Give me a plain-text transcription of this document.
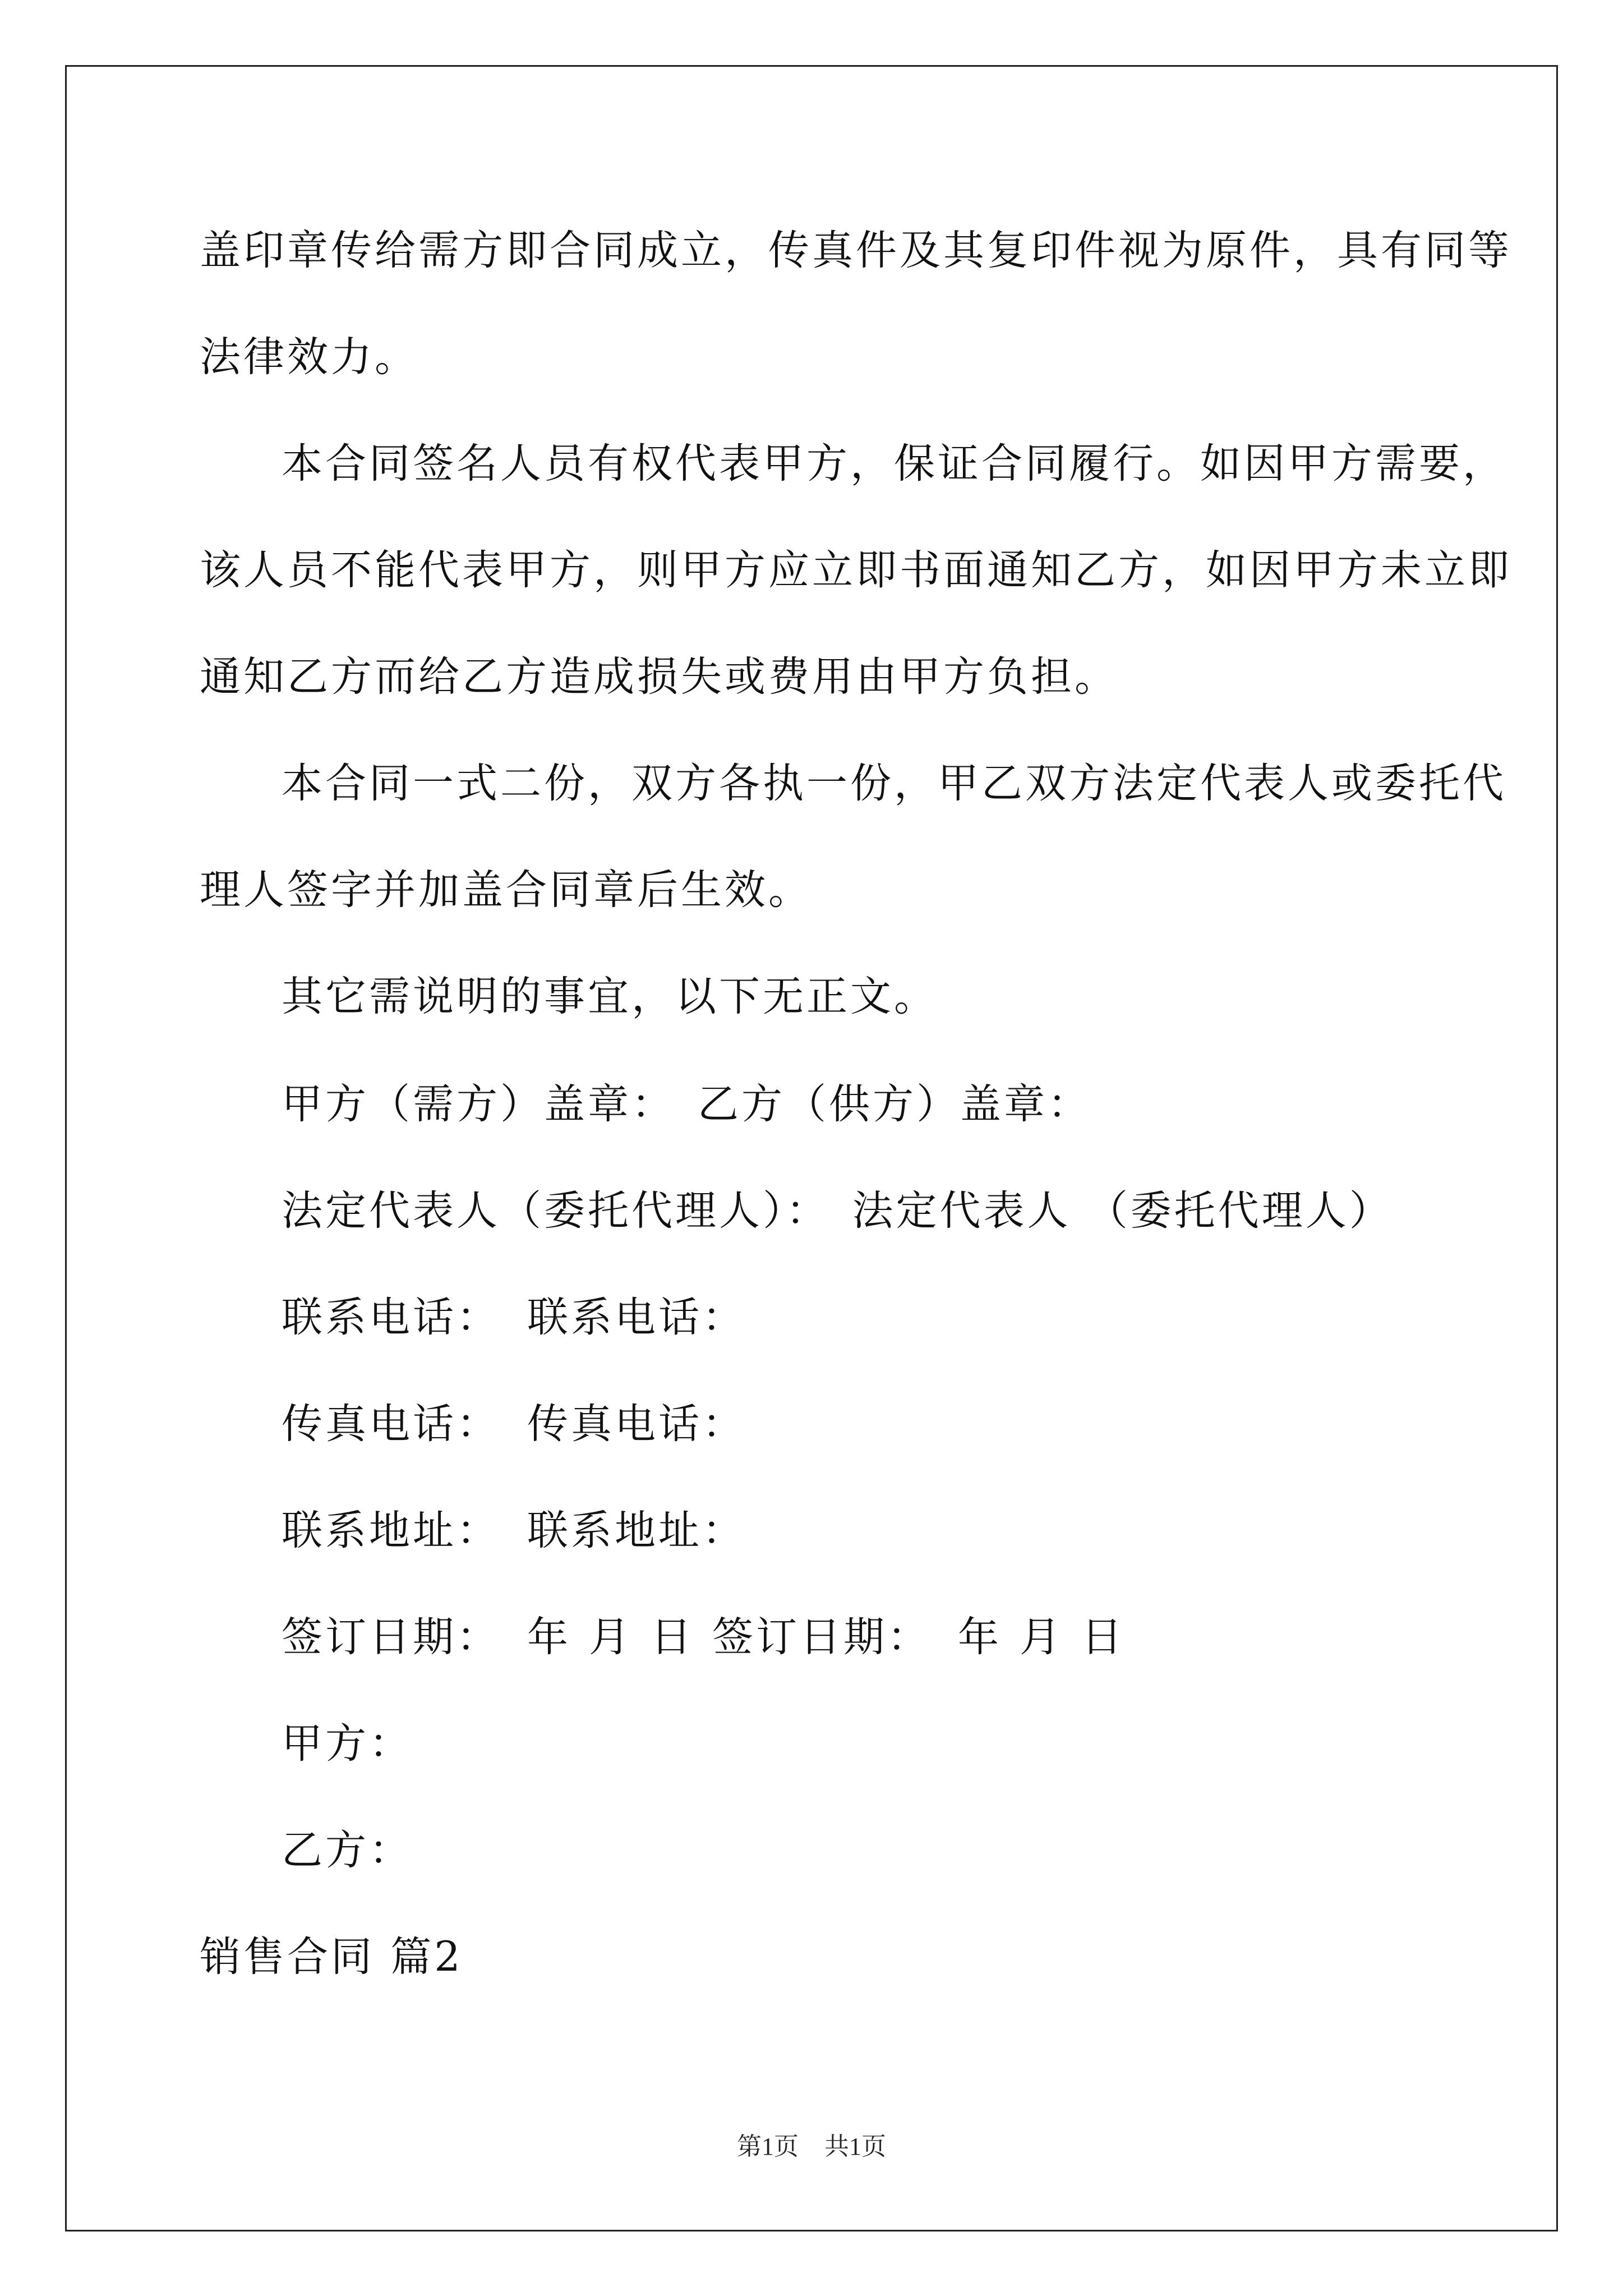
盖印章传给需方即合同成立，传真件及其复印件视为原件，具有同等
法律效力。
本合同签名人员有权代表甲方，保证合同履行。如因甲方需要，
该人员不能代表甲方，则甲方应立即书面通知乙方，如因甲方未立即
通知乙方而给乙方造成损失或费用由甲方负担。
本合同一式二份，双方各执一份，甲乙双方法定代表人或委托代
理人签字并加盖合同章后生效。
其它需说明的事宜，以下无正文。
甲方（需方）盖章： 乙方（供方）盖章：
法定代表人（委托代理人）： 法定代表人 （委托代理人）
联系电话： 联系电话：
传真电话： 传真电话：
联系地址： 联系地址：
签订日期： 年 月 日 签订日期： 年 月 日
甲方：
乙方：
销售合同 篇2
第1页 共1页
